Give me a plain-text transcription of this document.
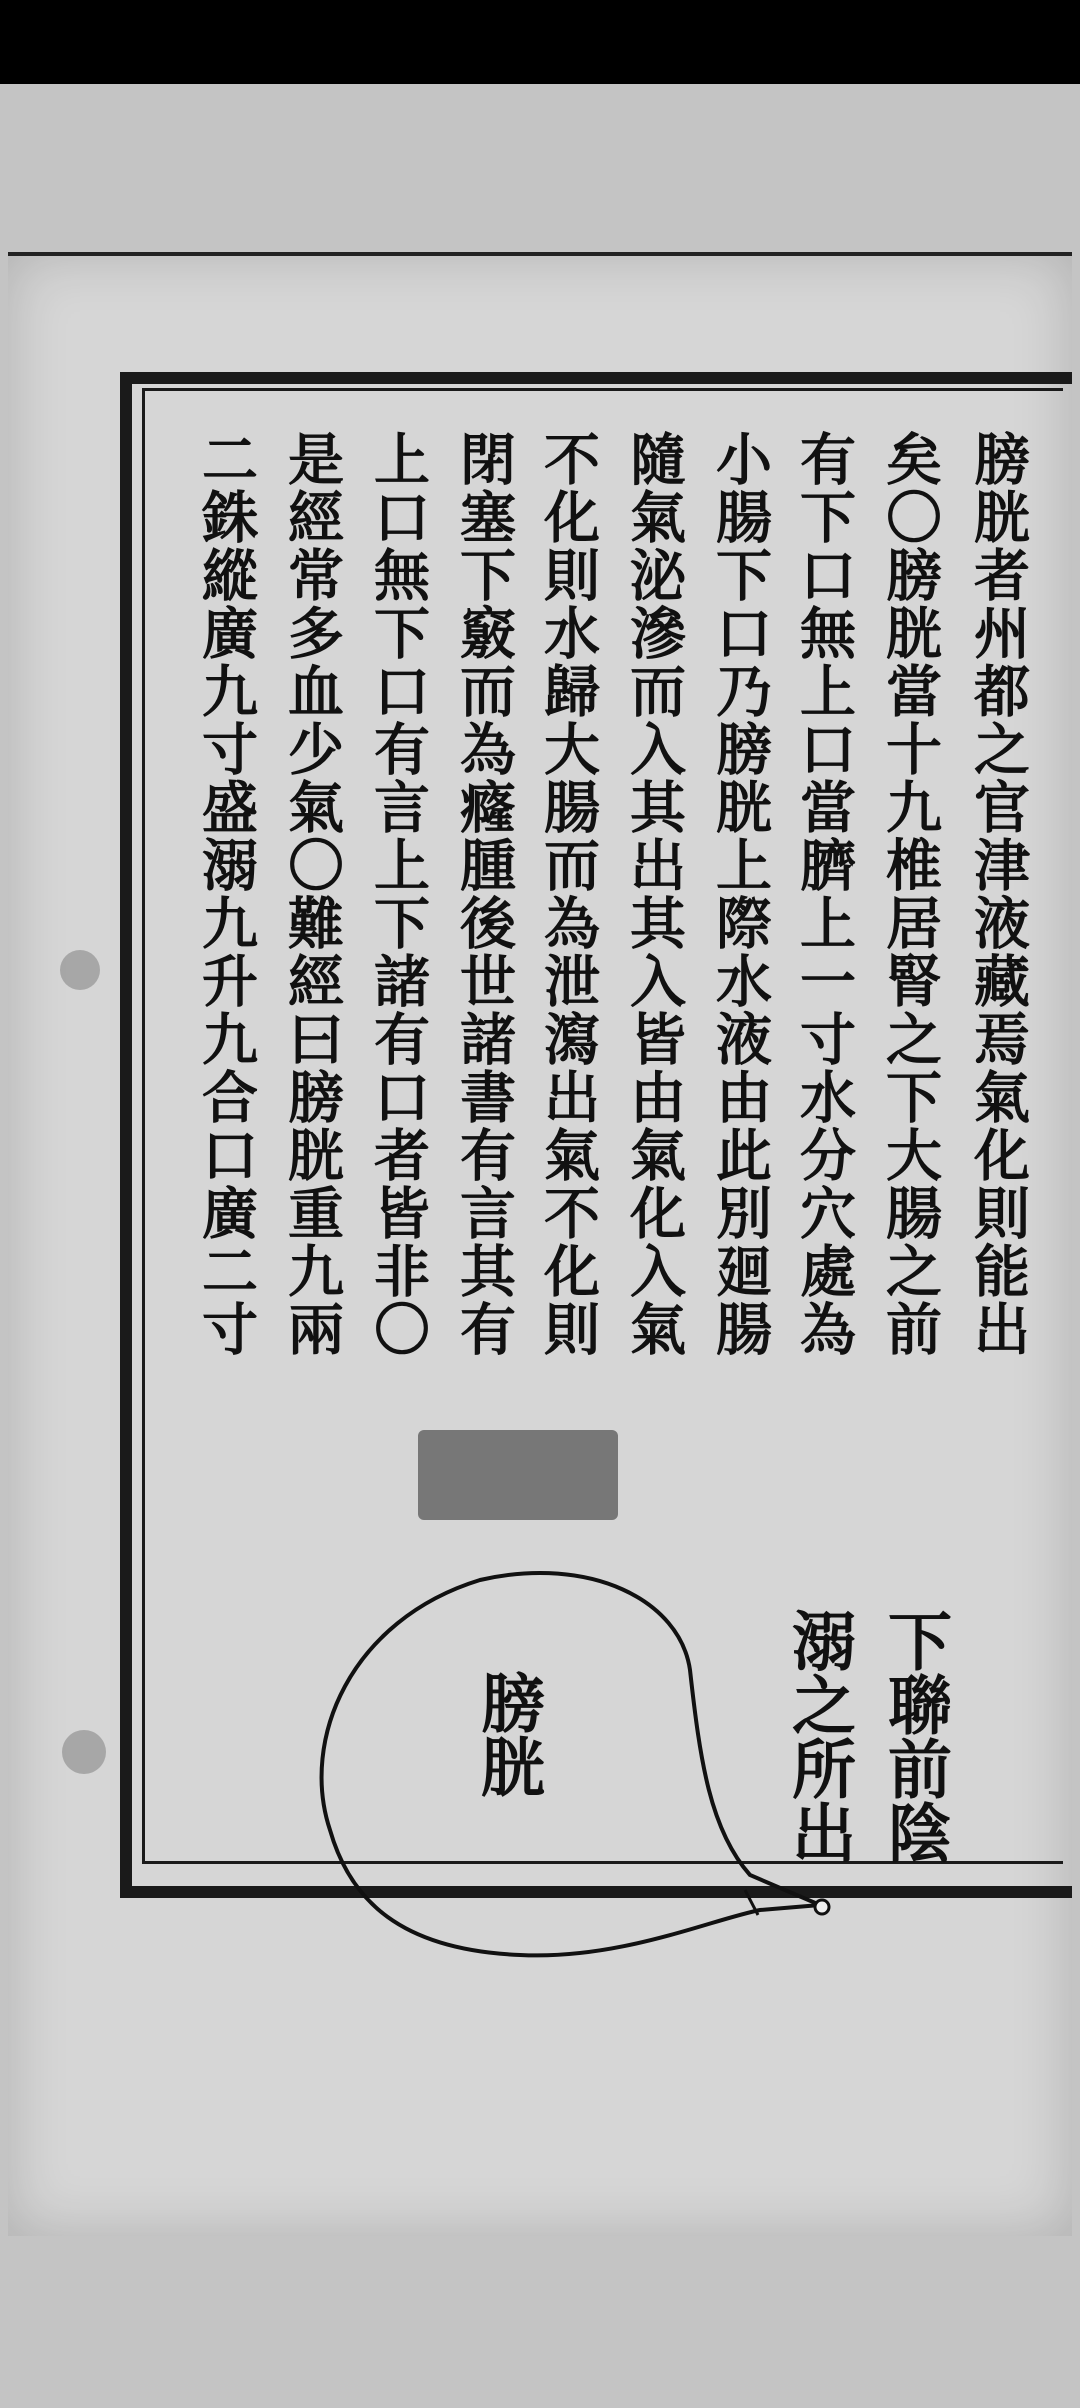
膀胱者州都之官津液藏焉氣化則能出
矣〇膀胱當十九椎居腎之下大腸之前
有下口無上口當臍上一寸水分穴處為
小腸下口乃膀胱上際水液由此別廻腸
隨氣泌滲而入其出其入皆由氣化入氣
不化則水歸大腸而為泄瀉出氣不化則
閉塞下竅而為癃腫後世諸書有言其有
上口無下口有言上下諸有口者皆非〇
是經常多血少氣〇難經曰膀胱重九兩
二銖縱廣九寸盛溺九升九合口廣二寸
下聯前陰
溺之所出
膀胱
